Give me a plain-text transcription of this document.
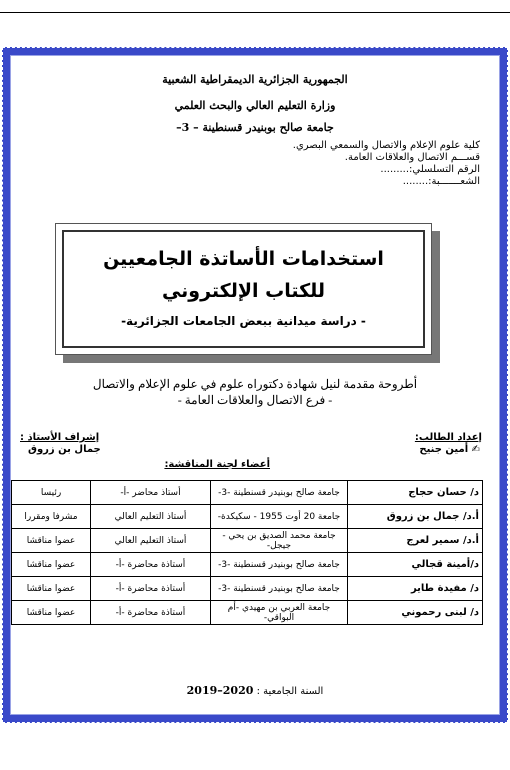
الجمهورية الجزائرية الديمقراطية الشعبية
وزارة التعليم العالي والبحث العلمي
جامعة صالح بوبنيدر قسنطينة – 3–
كلية علوم الإعلام والاتصال والسمعي البصري.
قســـم الاتصال والعلاقات العامة.
الرقم التسلسلي:.........
الشعـــــــبة:........
استخدامات الأساتذة الجامعيين
للكتاب الإلكتروني
- دراسة ميدانية ببعض الجامعات الجزائرية-
أطروحة مقدمة لنيل شهادة دكتوراه علوم في علوم الإعلام والاتصال
- فرع الاتصال والعلاقات العامة -
إعداد الطالب:
✍ أمين جنيح
إشراف الأستاذ :
جمال بن زروق
أعضاء لجنة المناقشة:
د/ حسان حجاج	جامعة صالح بوبنيدر قسنطينة -3-	أستاذ محاضر -أ-	رئيسا
أ.د/ جمال بن زروق	جامعة 20 أوت 1955 - سكيكدة-	أستاذ التعليم العالي	مشرفا ومقررا
أ.د/ سمير لعرج	جامعة محمد الصديق بن يحي - جيجل-	أستاذ التعليم العالي	عضوا مناقشا
د/أمينة قجالي	جامعة صالح بوبنيدر قسنطينة -3-	أستاذة محاضرة -أ-	عضوا مناقشا
د/ مفيدة طاير	جامعة صالح بوبنيدر قسنطينة -3-	أستاذة محاضرة -أ-	عضوا مناقشا
د/ لبنى رحموني	جامعة العربي بن مهيدي -أم البواقي-	أستاذة محاضرة -أ-	عضوا مناقشا
السنة الجامعية : 2020–2019
